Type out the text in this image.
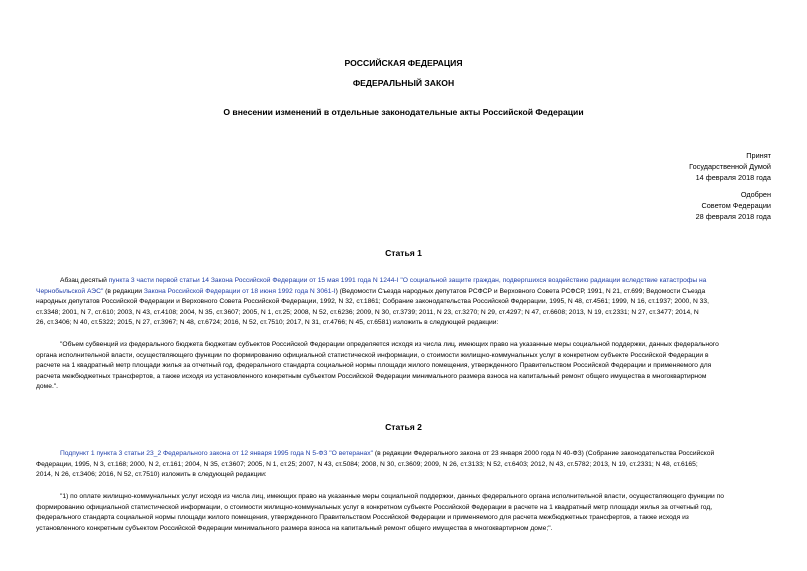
РОССИЙСКАЯ ФЕДЕРАЦИЯ
ФЕДЕРАЛЬНЫЙ ЗАКОН
О внесении изменений в отдельные законодательные акты Российской Федерации
Принят
Государственной Думой
14 февраля 2018 года
Одобрен
Советом Федерации
28 февраля 2018 года
Статья 1
Абзац десятый пункта 3 части первой статьи 14 Закона Российской Федерации от 15 мая 1991 года N 1244-I "О социальной защите граждан, подвергшихся воздействию радиации вследствие катастрофы на
Чернобыльской АЭС" (в редакции Закона Российской Федерации от 18 июня 1992 года N 3061-I) (Ведомости Съезда народных депутатов РСФСР и Верховного Совета РСФСР, 1991, N 21, ст.699; Ведомости Съезда
народных депутатов Российской Федерации и Верховного Совета Российской Федерации, 1992, N 32, ст.1861; Собрание законодательства Российской Федерации, 1995, N 48, ст.4561; 1999, N 16, ст.1937; 2000, N 33,
ст.3348; 2001, N 7, ст.610; 2003, N 43, ст.4108; 2004, N 35, ст.3607; 2005, N 1, ст.25; 2008, N 52, ст.6236; 2009, N 30, ст.3739; 2011, N 23, ст.3270; N 29, ст.4297; N 47, ст.6608; 2013, N 19, ст.2331; N 27, ст.3477; 2014, N
26, ст.3406; N 40, ст.5322; 2015, N 27, ст.3967; N 48, ст.6724; 2016, N 52, ст.7510; 2017, N 31, ст.4766; N 45, ст.6581) изложить в следующей редакции:
"Объем субвенций из федерального бюджета бюджетам субъектов Российской Федерации определяется исходя из числа лиц, имеющих право на указанные меры социальной поддержки, данных федерального
органа исполнительной власти, осуществляющего функции по формированию официальной статистической информации, о стоимости жилищно-коммунальных услуг в конкретном субъекте Российской Федерации в
расчете на 1 квадратный метр площади жилья за отчетный год, федерального стандарта социальной нормы площади жилого помещения, утвержденного Правительством Российской Федерации и применяемого для
расчета межбюджетных трансфертов, а также исходя из установленного конкретным субъектом Российской Федерации минимального размера взноса на капитальный ремонт общего имущества в многоквартирном
доме.".
Статья 2
Подпункт 1 пункта 3 статьи 23_2 Федерального закона от 12 января 1995 года N 5-ФЗ "О ветеранах" (в редакции Федерального закона от 23 января 2000 года N 40-ФЗ) (Собрание законодательства Российской
Федерации, 1995, N 3, ст.168; 2000, N 2, ст.161; 2004, N 35, ст.3607; 2005, N 1, ст.25; 2007, N 43, ст.5084; 2008, N 30, ст.3609; 2009, N 26, ст.3133; N 52, ст.6403; 2012, N 43, ст.5782; 2013, N 19, ст.2331; N 48, ст.6165;
2014, N 26, ст.3406; 2016, N 52, ст.7510) изложить в следующей редакции:
"1) по оплате жилищно-коммунальных услуг исходя из числа лиц, имеющих право на указанные меры социальной поддержки, данных федерального органа исполнительной власти, осуществляющего функции по
формированию официальной статистической информации, о стоимости жилищно-коммунальных услуг в конкретном субъекте Российской Федерации в расчете на 1 квадратный метр площади жилья за отчетный год,
федерального стандарта социальной нормы площади жилого помещения, утвержденного Правительством Российской Федерации и применяемого для расчета межбюджетных трансфертов, а также исходя из
установленного конкретным субъектом Российской Федерации минимального размера взноса на капитальный ремонт общего имущества в многоквартирном доме;".
